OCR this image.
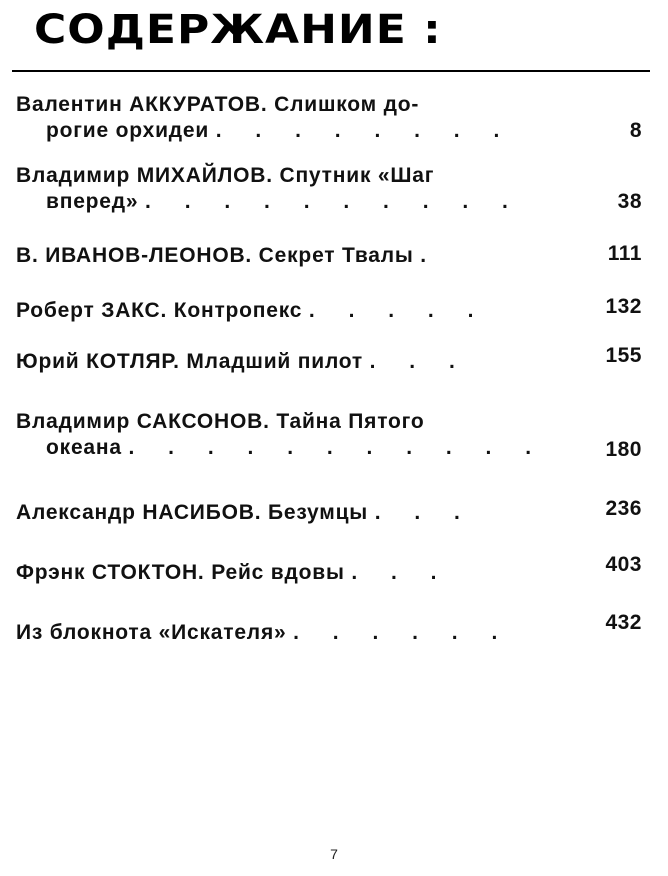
СОДЕРЖАНИЕ :
Валентин АККУРАТОВ. Слишком до-
рогие орхидеи . . . . . . . .	8
Владимир МИХАЙЛОВ. Спутник «Шаг
вперед» . . . . . . . . . .	38
В. ИВАНОВ-ЛЕОНОВ. Секрет Твалы .	111
Роберт ЗАКС. Контропекс . . . . .	132
Юрий КОТЛЯР. Младший пилот . . .	155
Владимир САКСОНОВ. Тайна Пятого
океана . . . . . . . . . . .	180
Александр НАСИБОВ. Безумцы . . .	236
Фрэнк СТОКТОН. Рейс вдовы . . .	403
Из блокнота «Искателя» . . . . . .	432
7
